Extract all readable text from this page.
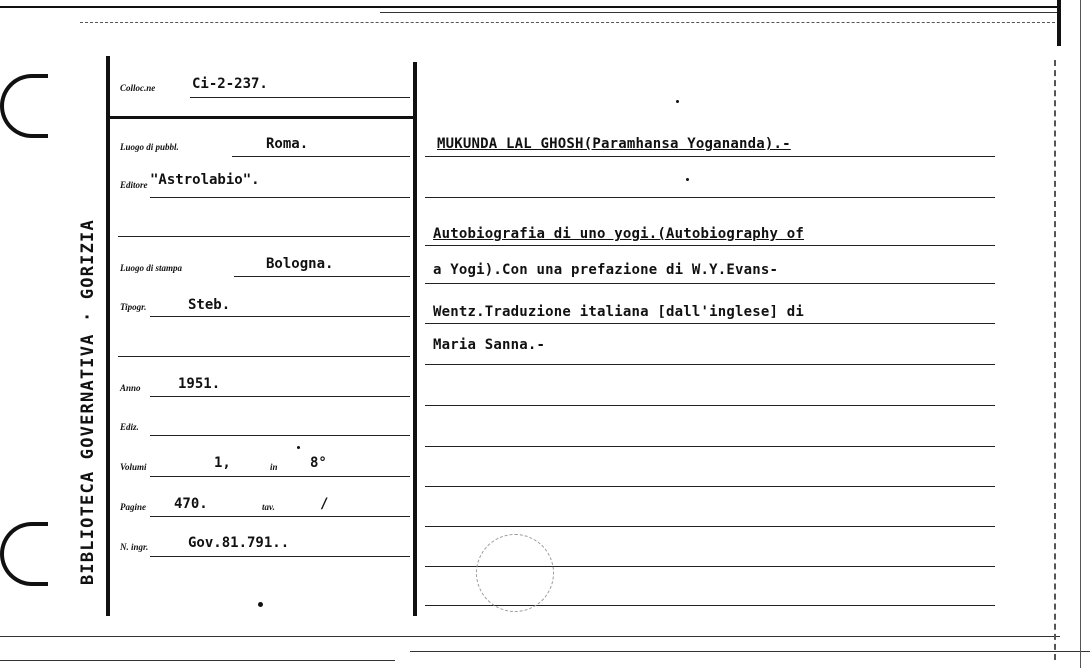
BIBLIOTECA GOVERNATIVA · GORIZIA
Colloc.ne	Ci-2-237.
Luogo di pubbl.	Roma.
Editore "Astrolabio".
Luogo di stampa	Bologna.
Tipogr.	Steb.
Anno	1951.
Ediz.
Volumi	1,	in 8°
Pagine 470.	tav.	/
N. ingr.	Gov.81.791..
MUKUNDA LAL GHOSH(Paramhansa Yogananda).-
Autobiografia di uno yogi.(Autobiography of
a Yogi).Con una prefazione di W.Y.Evans-
Wentz.Traduzione italiana [dall'inglese] di
Maria Sanna.-
